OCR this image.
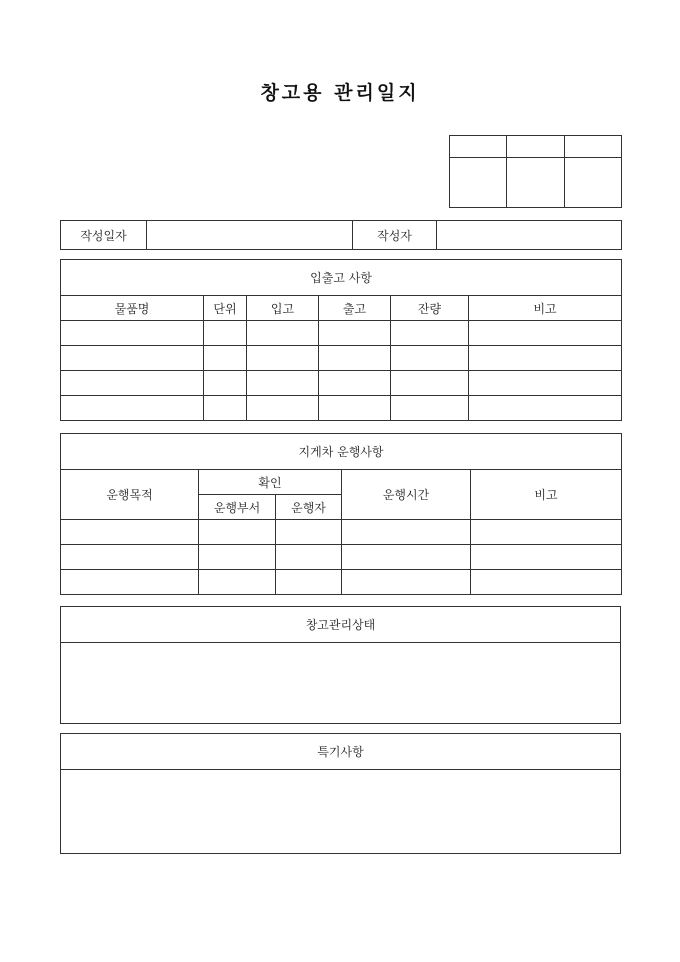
창고용 관리일지

작성일자		작성자	
입출고 사항					
물품명	단위	입고	출고	잔량	비고

지게차 운행사항				
운행목적	확인		운행시간	비고
	운행부서	운행자		

창고관리상태

특기사항
